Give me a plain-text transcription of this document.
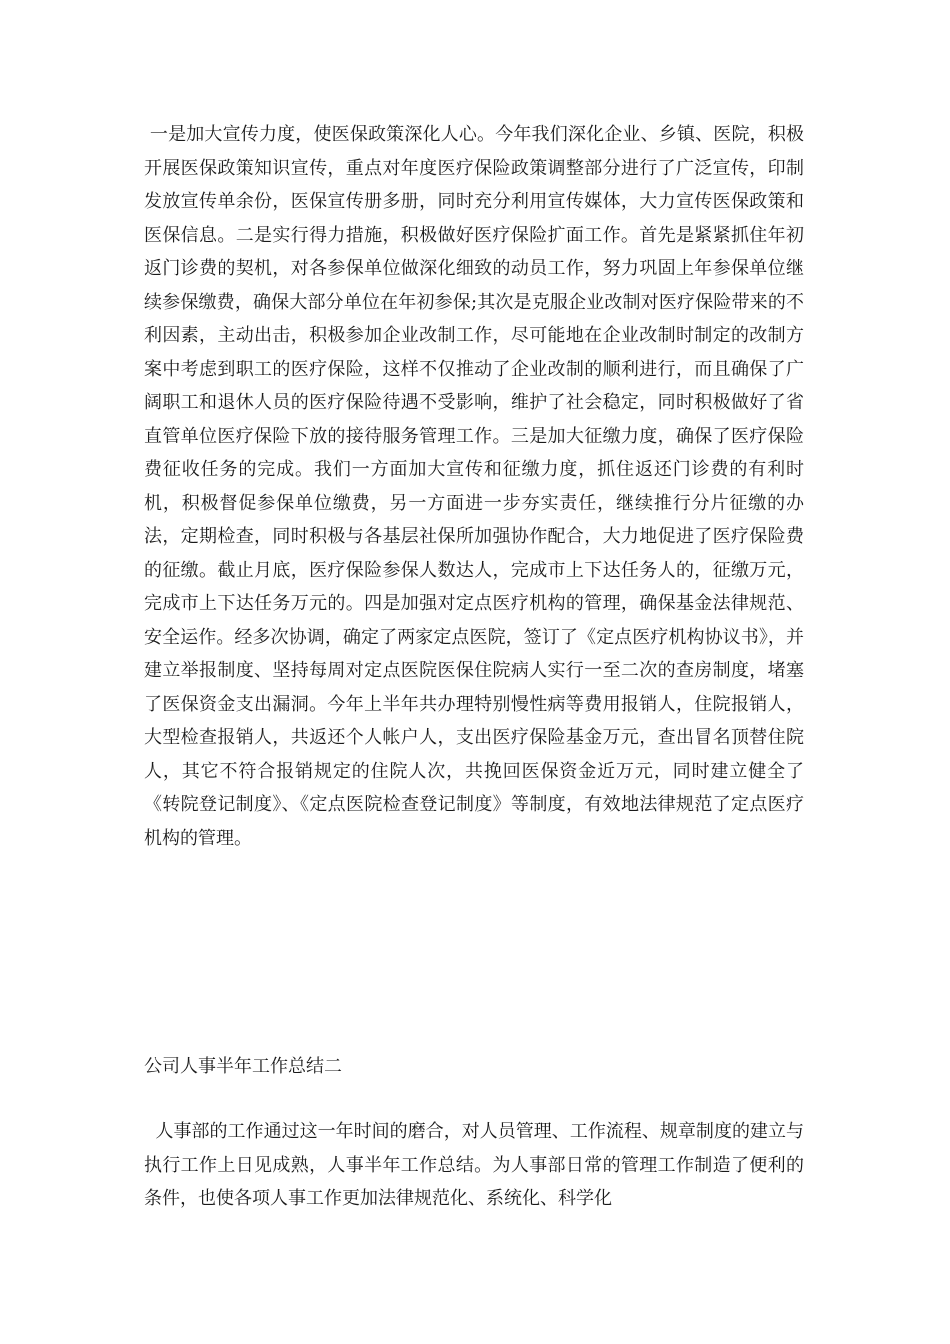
一是加大宣传力度，使医保政策深化人心。今年我们深化企业、乡镇、医院，积极开展医保政策知识宣传，重点对年度医疗保险政策调整部分进行了广泛宣传，印制发放宣传单余份，医保宣传册多册，同时充分利用宣传媒体，大力宣传医保政策和医保信息。二是实行得力措施，积极做好医疗保险扩面工作。首先是紧紧抓住年初返门诊费的契机，对各参保单位做深化细致的动员工作，努力巩固上年参保单位继续参保缴费，确保大部分单位在年初参保;其次是克服企业改制对医疗保险带来的不利因素，主动出击，积极参加企业改制工作，尽可能地在企业改制时制定的改制方案中考虑到职工的医疗保险，这样不仅推动了企业改制的顺利进行，而且确保了广阔职工和退休人员的医疗保险待遇不受影响，维护了社会稳定，同时积极做好了省直管单位医疗保险下放的接待服务管理工作。三是加大征缴力度，确保了医疗保险费征收任务的完成。我们一方面加大宣传和征缴力度，抓住返还门诊费的有利时机，积极督促参保单位缴费，另一方面进一步夯实责任，继续推行分片征缴的办法，定期检查，同时积极与各基层社保所加强协作配合，大力地促进了医疗保险费的征缴。截止月底，医疗保险参保人数达人，完成市上下达任务人的，征缴万元，完成市上下达任务万元的。四是加强对定点医疗机构的管理，确保基金法律规范、安全运作。经多次协调，确定了两家定点医院，签订了《定点医疗机构协议书》，并建立举报制度、坚持每周对定点医院医保住院病人实行一至二次的查房制度，堵塞了医保资金支出漏洞。今年上半年共办理特别慢性病等费用报销人，住院报销人，大型检查报销人，共返还个人帐户人，支出医疗保险基金万元，查出冒名顶替住院人，其它不符合报销规定的住院人次，共挽回医保资金近万元，同时建立健全了《转院登记制度》、《定点医院检查登记制度》等制度，有效地法律规范了定点医疗机构的管理。

公司人事半年工作总结二

人事部的工作通过这一年时间的磨合，对人员管理、工作流程、规章制度的建立与执行工作上日见成熟，人事半年工作总结。为人事部日常的管理工作制造了便利的条件，也使各项人事工作更加法律规范化、系统化、科学化
